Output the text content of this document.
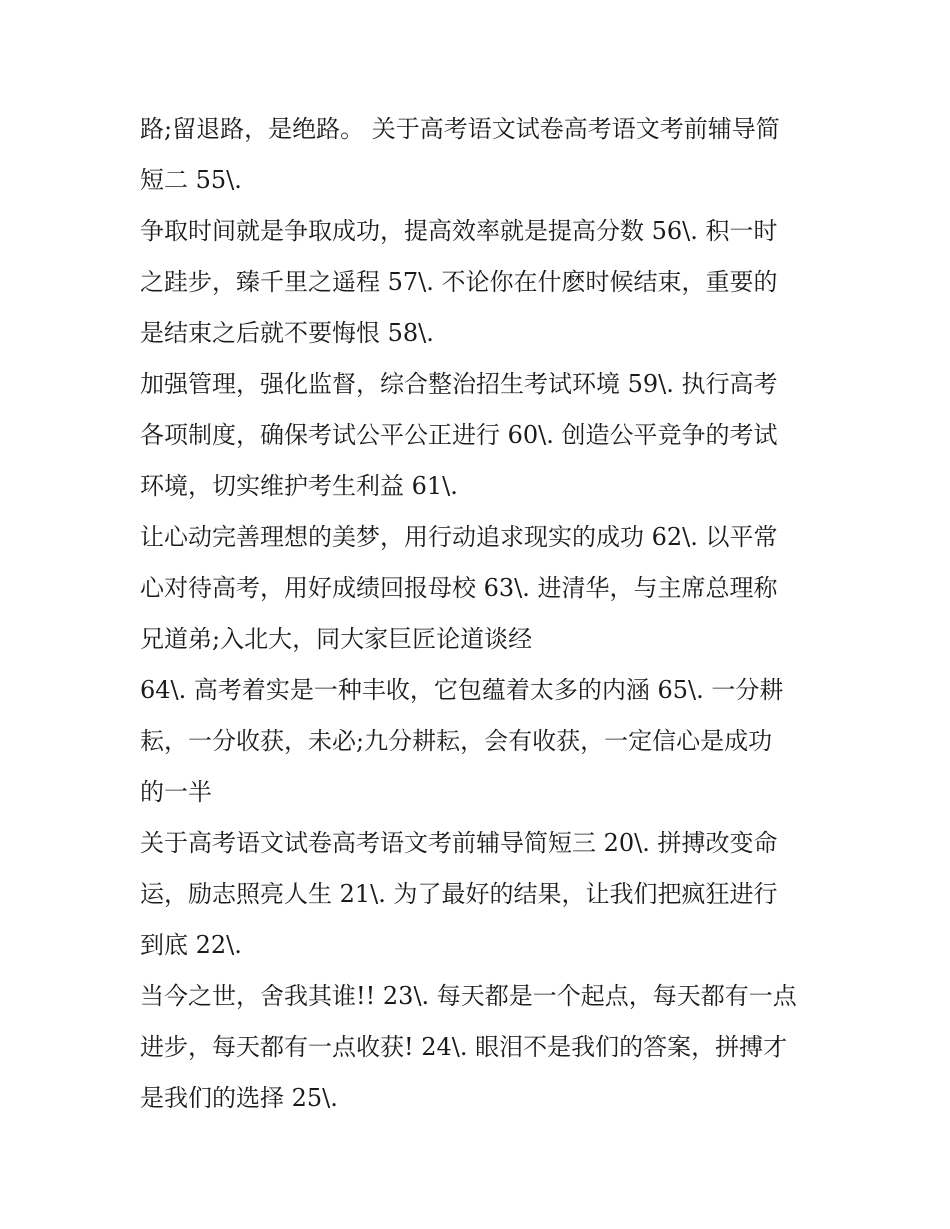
路;留退路，是绝路。 关于高考语文试卷高考语文考前辅导简
短二 55\.
争取时间就是争取成功，提高效率就是提高分数 56\. 积一时
之跬步，臻千里之遥程 57\. 不论你在什麽时候结束，重要的
是结束之后就不要悔恨 58\.
加强管理，强化监督，综合整治招生考试环境 59\. 执行高考
各项制度，确保考试公平公正进行 60\. 创造公平竞争的考试
环境，切实维护考生利益 61\.
让心动完善理想的美梦，用行动追求现实的成功 62\. 以平常
心对待高考，用好成绩回报母校 63\. 进清华，与主席总理称
兄道弟;入北大，同大家巨匠论道谈经
64\. 高考着实是一种丰收，它包蕴着太多的内涵 65\. 一分耕
耘，一分收获，未必;九分耕耘，会有收获，一定信心是成功
的一半
关于高考语文试卷高考语文考前辅导简短三 20\. 拼搏改变命
运，励志照亮人生 21\. 为了最好的结果，让我们把疯狂进行
到底 22\.
当今之世，舍我其谁!! 23\. 每天都是一个起点，每天都有一点
进步，每天都有一点收获! 24\. 眼泪不是我们的答案，拼搏才
是我们的选择 25\.
